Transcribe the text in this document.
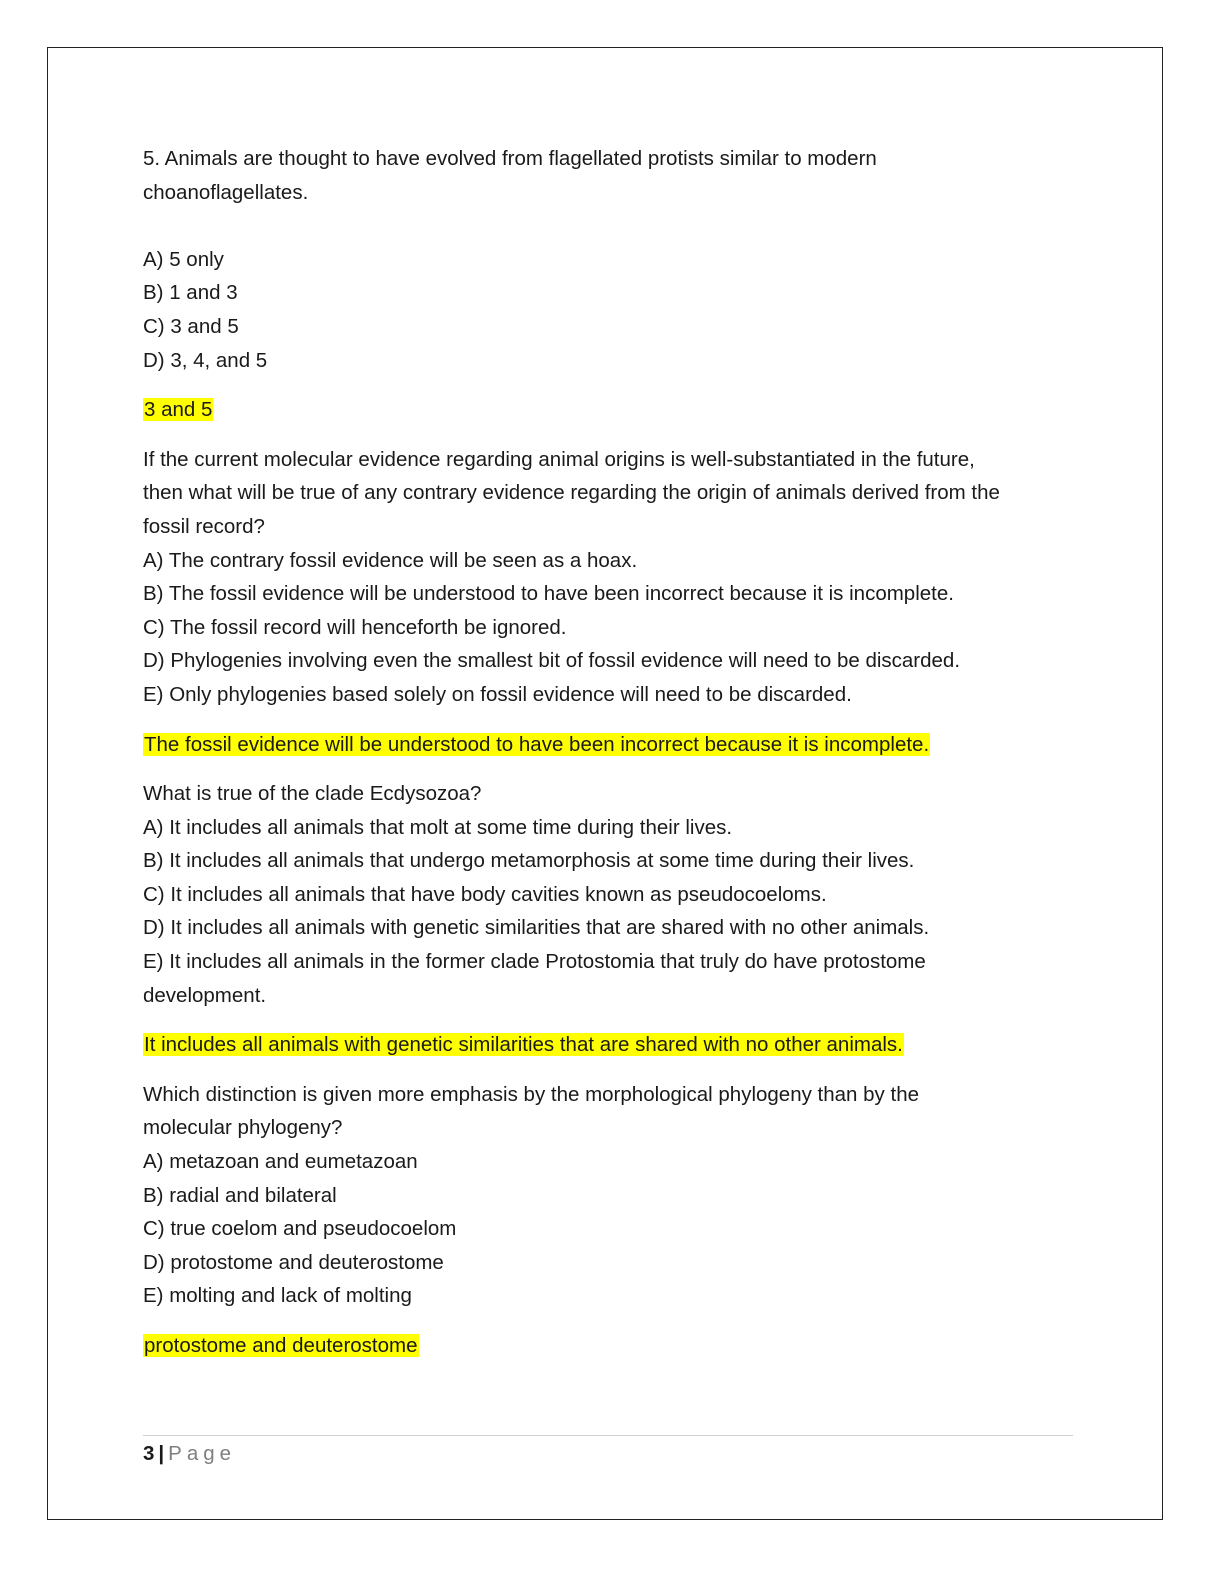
5. Animals are thought to have evolved from flagellated protists similar to modern
choanoflagellates.
A) 5 only
B) 1 and 3
C) 3 and 5
D) 3, 4, and 5
3 and 5
If the current molecular evidence regarding animal origins is well-substantiated in the future,
then what will be true of any contrary evidence regarding the origin of animals derived from the
fossil record?
A) The contrary fossil evidence will be seen as a hoax.
B) The fossil evidence will be understood to have been incorrect because it is incomplete.
C) The fossil record will henceforth be ignored.
D) Phylogenies involving even the smallest bit of fossil evidence will need to be discarded.
E) Only phylogenies based solely on fossil evidence will need to be discarded.
The fossil evidence will be understood to have been incorrect because it is incomplete.
What is true of the clade Ecdysozoa?
A) It includes all animals that molt at some time during their lives.
B) It includes all animals that undergo metamorphosis at some time during their lives.
C) It includes all animals that have body cavities known as pseudocoeloms.
D) It includes all animals with genetic similarities that are shared with no other animals.
E) It includes all animals in the former clade Protostomia that truly do have protostome
development.
It includes all animals with genetic similarities that are shared with no other animals.
Which distinction is given more emphasis by the morphological phylogeny than by the
molecular phylogeny?
A) metazoan and eumetazoan
B) radial and bilateral
C) true coelom and pseudocoelom
D) protostome and deuterostome
E) molting and lack of molting
protostome and deuterostome
3 | Page
